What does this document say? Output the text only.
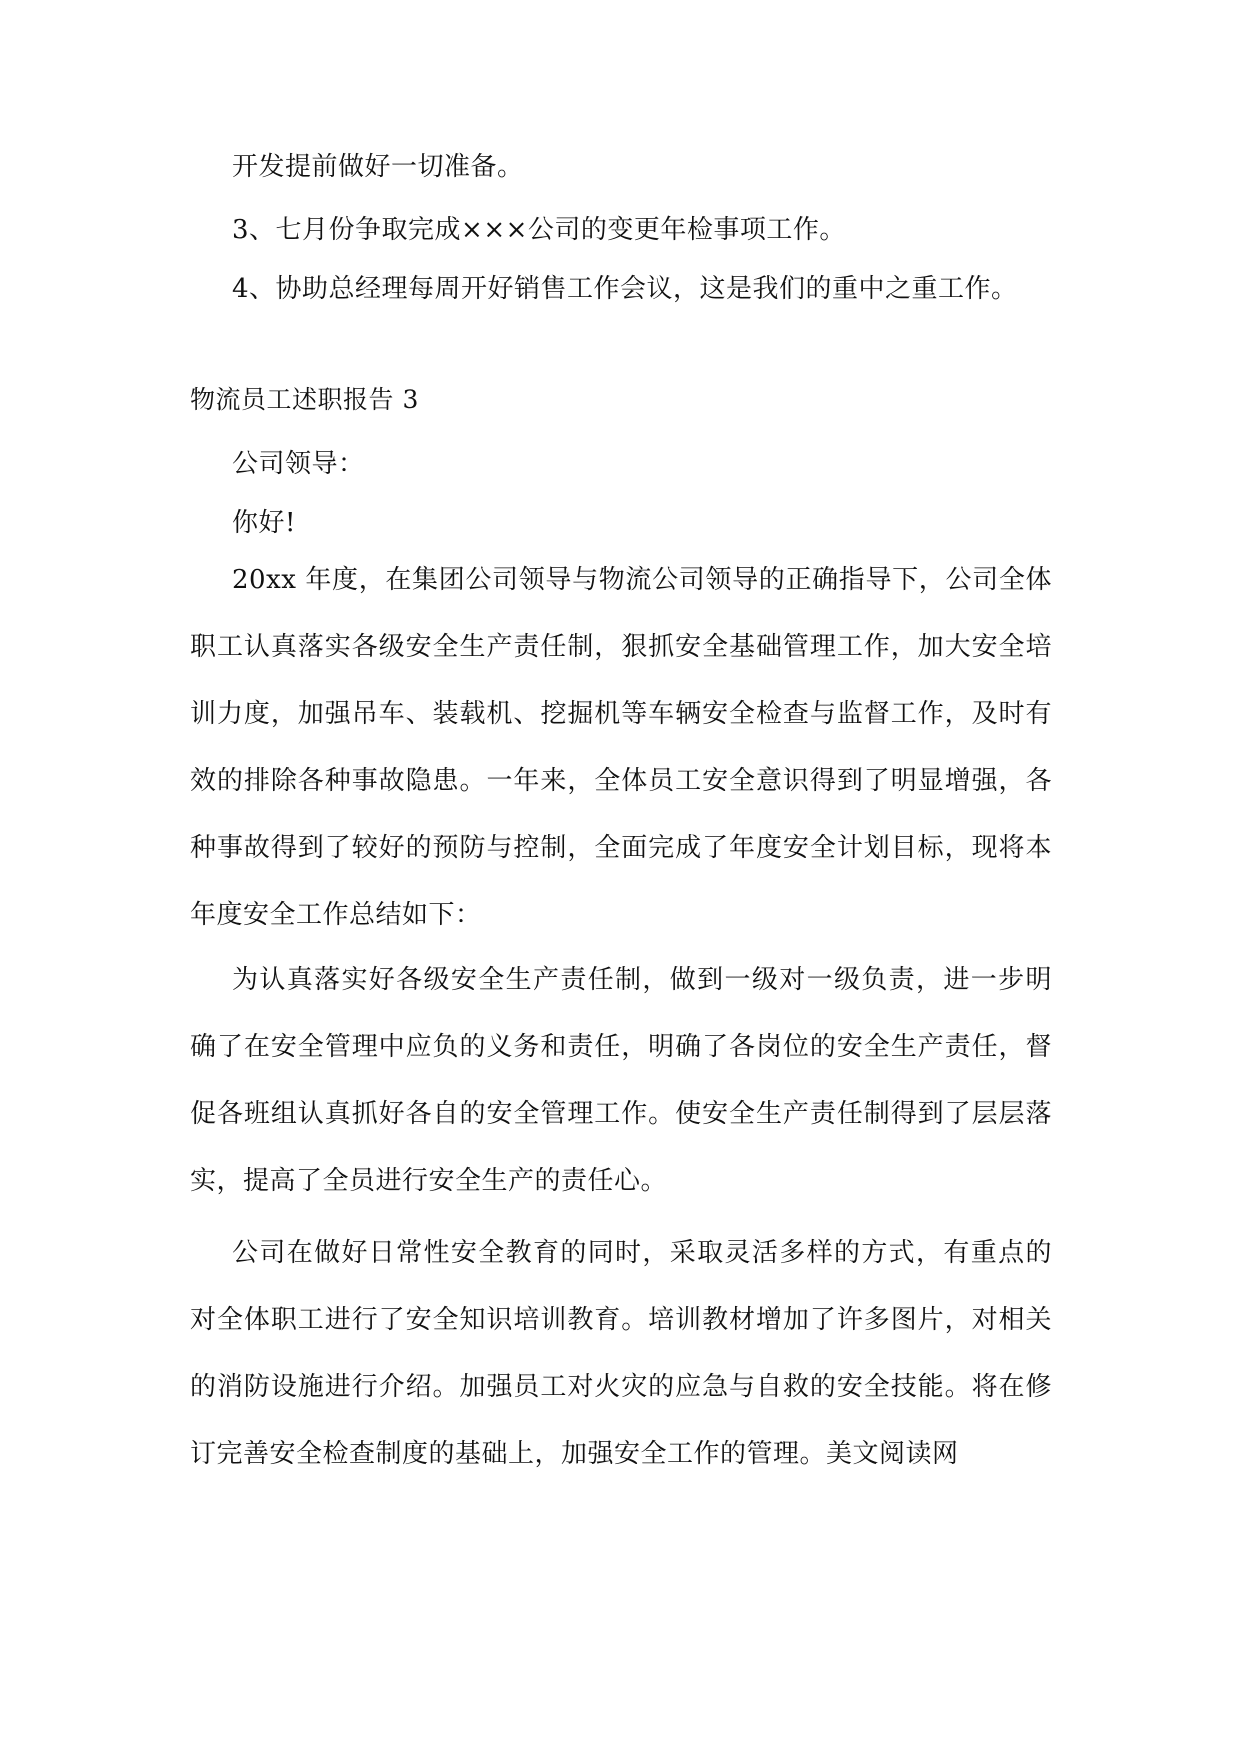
开发提前做好一切准备。
3、七月份争取完成×××公司的变更年检事项工作。
4、协助总经理每周开好销售工作会议，这是我们的重中之重工作。
物流员工述职报告 3
公司领导：
你好!
20xx 年度，在集团公司领导与物流公司领导的正确指导下，公司全体职工认真落实各级安全生产责任制，狠抓安全基础管理工作，加大安全培训力度，加强吊车、装载机、挖掘机等车辆安全检查与监督工作，及时有效的排除各种事故隐患。一年来，全体员工安全意识得到了明显增强，各种事故得到了较好的预防与控制，全面完成了年度安全计划目标，现将本年度安全工作总结如下：
为认真落实好各级安全生产责任制，做到一级对一级负责，进一步明确了在安全管理中应负的义务和责任，明确了各岗位的安全生产责任，督促各班组认真抓好各自的安全管理工作。使安全生产责任制得到了层层落实，提高了全员进行安全生产的责任心。
公司在做好日常性安全教育的同时，采取灵活多样的方式，有重点的对全体职工进行了安全知识培训教育。培训教材增加了许多图片，对相关的消防设施进行介绍。加强员工对火灾的应急与自救的安全技能。将在修订完善安全检查制度的基础上，加强安全工作的管理。美文阅读网
